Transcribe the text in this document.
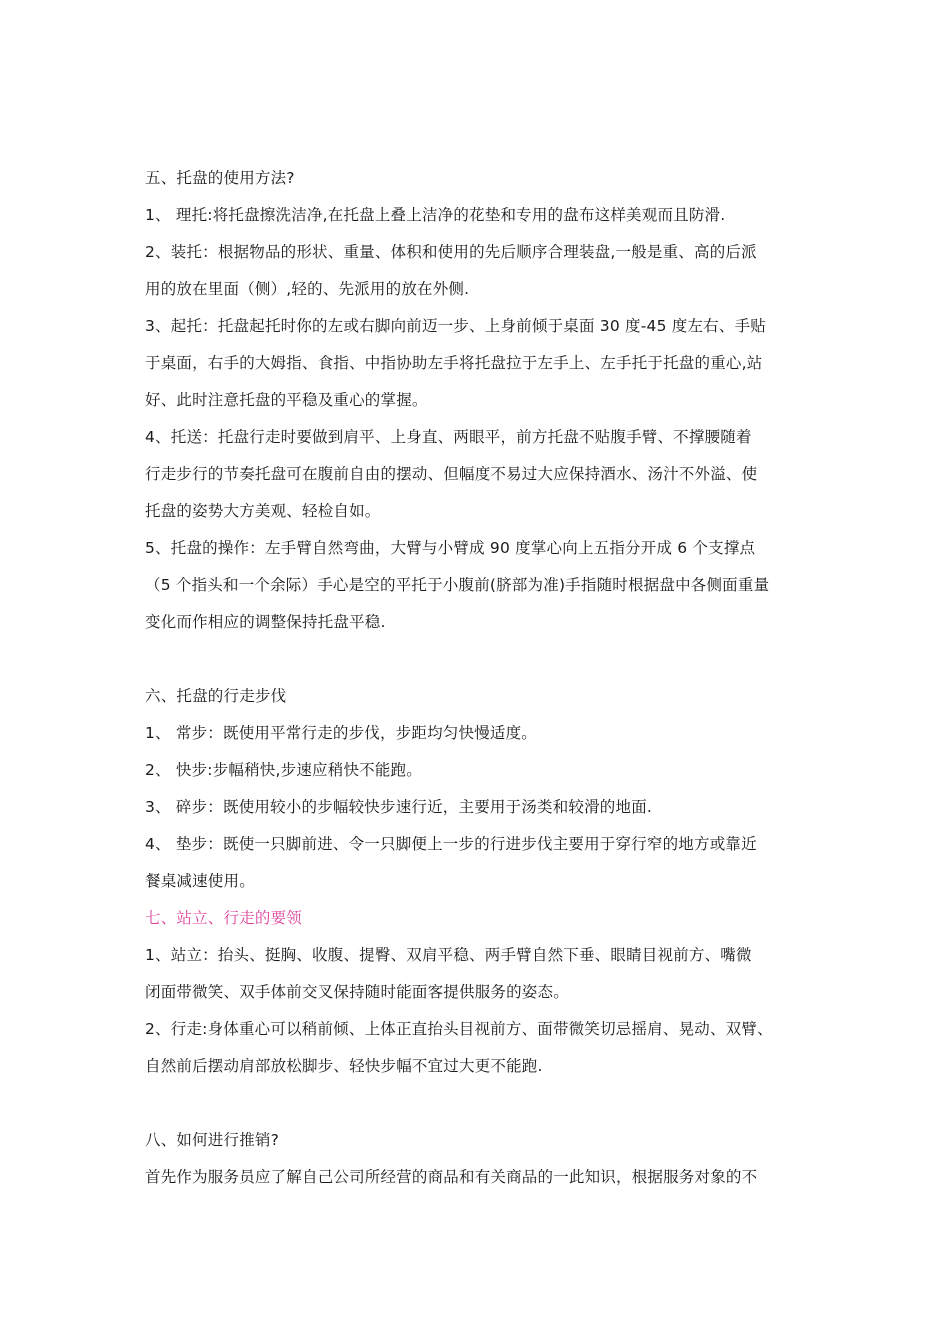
五、托盘的使用方法?
1、 理托:将托盘擦洗洁净,在托盘上叠上洁净的花垫和专用的盘布这样美观而且防滑.
2、装托：根据物品的形状、重量、体积和使用的先后顺序合理装盘,一般是重、高的后派
用的放在里面（侧）,轻的、先派用的放在外侧.
3、起托：托盘起托时你的左或右脚向前迈一步、上身前倾于桌面 30 度-45 度左右、手贴
于桌面，右手的大姆指、食指、中指协助左手将托盘拉于左手上、左手托于托盘的重心,站
好、此时注意托盘的平稳及重心的掌握。
4、托送：托盘行走时要做到肩平、上身直、两眼平，前方托盘不贴腹手臂、不撑腰随着
行走步行的节奏托盘可在腹前自由的摆动、但幅度不易过大应保持酒水、汤汁不外溢、使
托盘的姿势大方美观、轻检自如。
5、托盘的操作：左手臂自然弯曲，大臂与小臂成 90 度掌心向上五指分开成 6 个支撑点
（5 个指头和一个余际）手心是空的平托于小腹前(脐部为准)手指随时根据盘中各侧面重量
变化而作相应的调整保持托盘平稳.
六、托盘的行走步伐
1、 常步：既使用平常行走的步伐，步距均匀快慢适度。
2、 快步:步幅稍快,步速应稍快不能跑。
3、 碎步：既使用较小的步幅较快步速行近，主要用于汤类和较滑的地面.
4、 垫步：既使一只脚前进、令一只脚便上一步的行进步伐主要用于穿行窄的地方或靠近
餐桌减速使用。
七、站立、行走的要领
1、站立：抬头、挺胸、收腹、提臀、双肩平稳、两手臂自然下垂、眼睛目视前方、嘴微
闭面带微笑、双手体前交叉保持随时能面客提供服务的姿态。
2、行走:身体重心可以稍前倾、上体正直抬头目视前方、面带微笑切忌摇肩、晃动、双臂、
自然前后摆动肩部放松脚步、轻快步幅不宜过大更不能跑.
八、如何进行推销?
首先作为服务员应了解自己公司所经营的商品和有关商品的一此知识，根据服务对象的不
